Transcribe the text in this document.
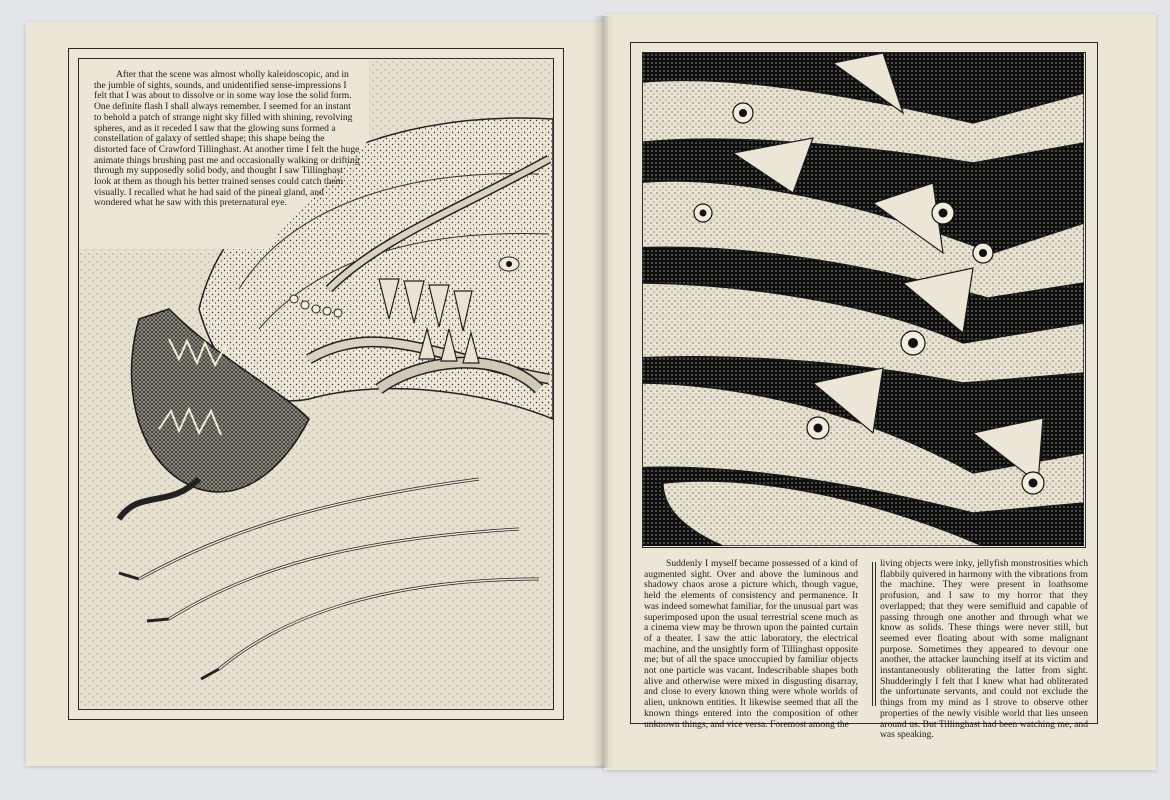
After that the scene was almost wholly kaleidoscopic, and in the jumble of sights, sounds, and unidentified sense-impressions I felt that I was about to dissolve or in some way lose the solid form. One definite flash I shall always remember. I seemed for an instant to behold a patch of strange night sky filled with shining, revolving spheres, and as it receded I saw that the glowing suns formed a constellation of galaxy of settled shape; this shape being the distorted face of Crawford Tillinghast. At another time I felt the huge animate things brushing past me and occasionally walking or drifting through my supposedly solid body, and thought I saw Tillinghast look at them as though his better trained senses could catch them visually. I recalled what he had said of the pineal gland, and wondered what he saw with this preternatural eye.

Suddenly I myself became possessed of a kind of augmented sight. Over and above the luminous and shadowy chaos arose a picture which, though vague, held the elements of consistency and permanence. It was indeed somewhat familiar, for the unusual part was superimposed upon the usual terrestrial scene much as a cinema view may be thrown upon the painted curtain of a theater. I saw the attic laboratory, the electrical machine, and the unsightly form of Tillinghast opposite me; but of all the space unoccupied by familiar objects not one particle was vacant. Indescribable shapes both alive and otherwise were mixed in disgusting disarray, and close to every known thing were whole worlds of alien, unknown entities. It likewise seemed that all the known things entered into the composition of other unknown things, and vice versa. Foremost among the

living objects were inky, jellyfish monstrosities which flabbily quivered in harmony with the vibrations from the machine. They were present in loathsome profusion, and I saw to my horror that they overlapped; that they were semifluid and capable of passing through one another and through what we know as solids. These things were never still, but seemed ever floating about with some malignant purpose. Sometimes they appeared to devour one another, the attacker launching itself at its victim and instantaneously obliterating the latter from sight. Shudderingly I felt that I knew what had obliterated the unfortunate servants, and could not exclude the things from my mind as I strove to observe other properties of the newly visible world that lies unseen around us. But Tillinghast had been watching me, and was speaking.
